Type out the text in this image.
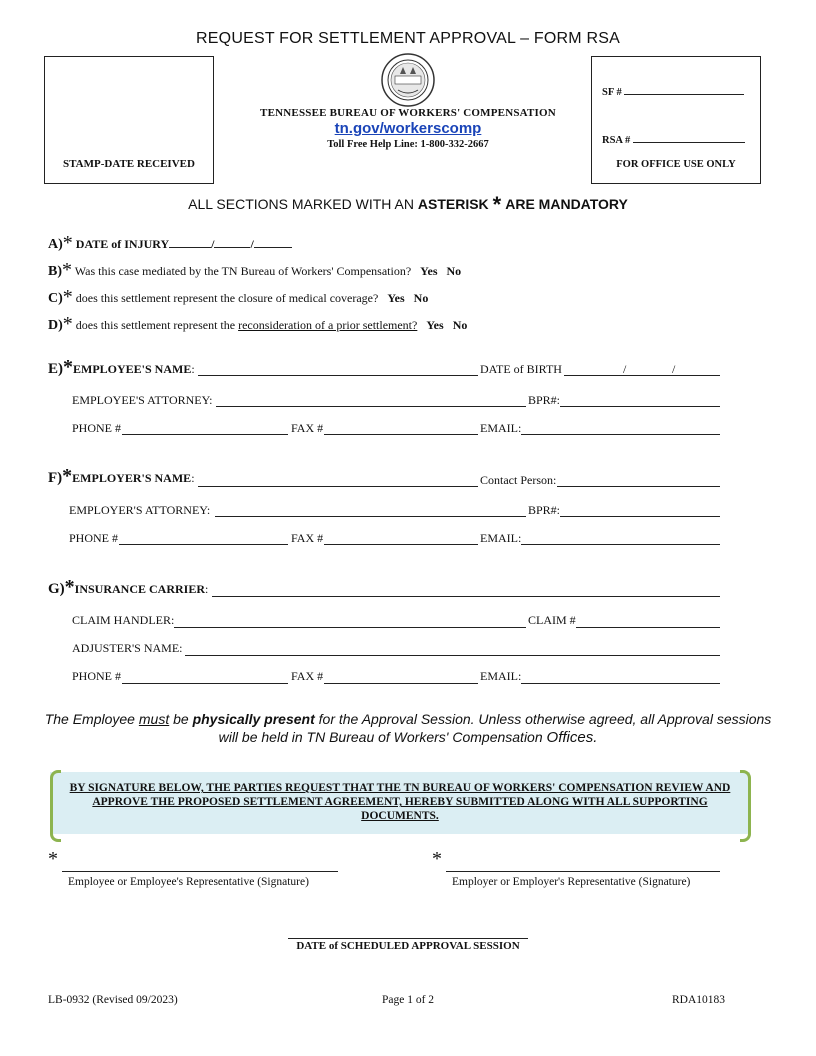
REQUEST FOR SETTLEMENT APPROVAL – FORM RSA
STAMP-DATE RECEIVED
TENNESSEE BUREAU OF WORKERS' COMPENSATION
tn.gov/workerscomp
Toll Free Help Line: 1-800-332-2667
SF #
RSA #
FOR OFFICE USE ONLY
ALL SECTIONS MARKED WITH AN ASTERISK * ARE MANDATORY
A)* DATE of INJURY	/	/
B)* Was this case mediated by the TN Bureau of Workers' Compensation? Yes No
C)* does this settlement represent the closure of medical coverage? Yes No
D)* does this settlement represent the reconsideration of a prior settlement? Yes No
E)*EMPLOYEE'S NAME:	DATE of BIRTH	/	/
EMPLOYEE'S ATTORNEY:	BPR#:
PHONE #	FAX #	EMAIL:
F)*EMPLOYER'S NAME:	Contact Person:
EMPLOYER'S ATTORNEY:	BPR#:
PHONE #	FAX #	EMAIL:
G)*INSURANCE CARRIER:
CLAIM HANDLER:	CLAIM #
ADJUSTER'S NAME:
PHONE #	FAX #	EMAIL:
The Employee must be physically present for the Approval Session. Unless otherwise agreed, all Approval sessions will be held in TN Bureau of Workers' Compensation Offices.
BY SIGNATURE BELOW, THE PARTIES REQUEST THAT THE TN BUREAU OF WORKERS' COMPENSATION REVIEW AND APPROVE THE PROPOSED SETTLEMENT AGREEMENT, HEREBY SUBMITTED ALONG WITH ALL SUPPORTING DOCUMENTS.
*
Employee or Employee's Representative (Signature)
*
Employer or Employer's Representative (Signature)
DATE of SCHEDULED APPROVAL SESSION
LB-0932 (Revised 09/2023)	Page 1 of 2	RDA10183
